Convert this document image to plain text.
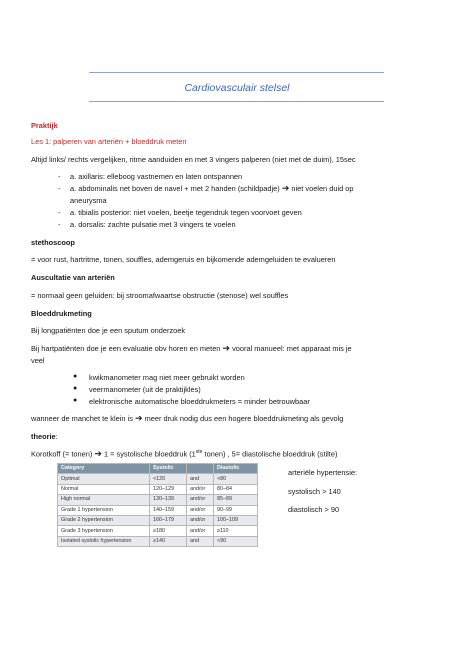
Cardiovasculair stelsel
Praktijk
Les 1: palperen van arteriën + bloeddruk meten
Altijd links/ rechts vergelijken, ritme aanduiden en met 3 vingers palperen (niet met de duim), 15sec
- a. axillaris: elleboog vastnemen en laten ontspannen
- a. abdominalis net boven de navel + met 2 handen (schildpadje) ➔ niet voelen duid op
aneurysma
- a. tibialis posterior: niet voelen, beetje tegendruk tegen voorvoet geven
- a. dorsalis: zachte pulsatie met 3 vingers te voelen
stethoscoop
= voor rust, hartritme, tonen, souffles, ademgeruis en bijkomende ademgeluiden te evalueren
Auscultatie van arteriën
= normaal geen geluiden: bij stroomafwaartse obstructie (stenose) wel souffles
Bloeddrukmeting
Bij longpatiënten doe je een sputum onderzoek
Bij hartpatiënten doe je een evaluatie obv horen en meten ➔ vooral manueel: met apparaat mis je
veel
● kwikmanometer mag niet meer gebruikt worden
● veermanometer (uit de praktijkles)
● elektronische automatische bloeddrukmeters = minder betrouwbaar
wanneer de manchet te klein is ➔ meer druk nodig dus een hogere bloeddrukmeting als gevolg
theorie:
Korotkoff (= tonen) ➔ 1 = systolische bloeddruk (1ste tonen) , 5= diastolische bloeddruk (stilte)
Category	Systolic		Diastolic
Optimal	<120	and	<80
Normal	120–129	and/or	80–84
High normal	130–139	and/or	85–89
Grade 1 hypertension	140–159	and/or	90–99
Grade 2 hypertension	160–179	and/or	100–109
Grade 3 hypertension	≥180	and/or	≥110
Isolated systolic hypertension	≥140	and	<90
arteriële hypertensie:
systolisch > 140
diastolisch > 90
